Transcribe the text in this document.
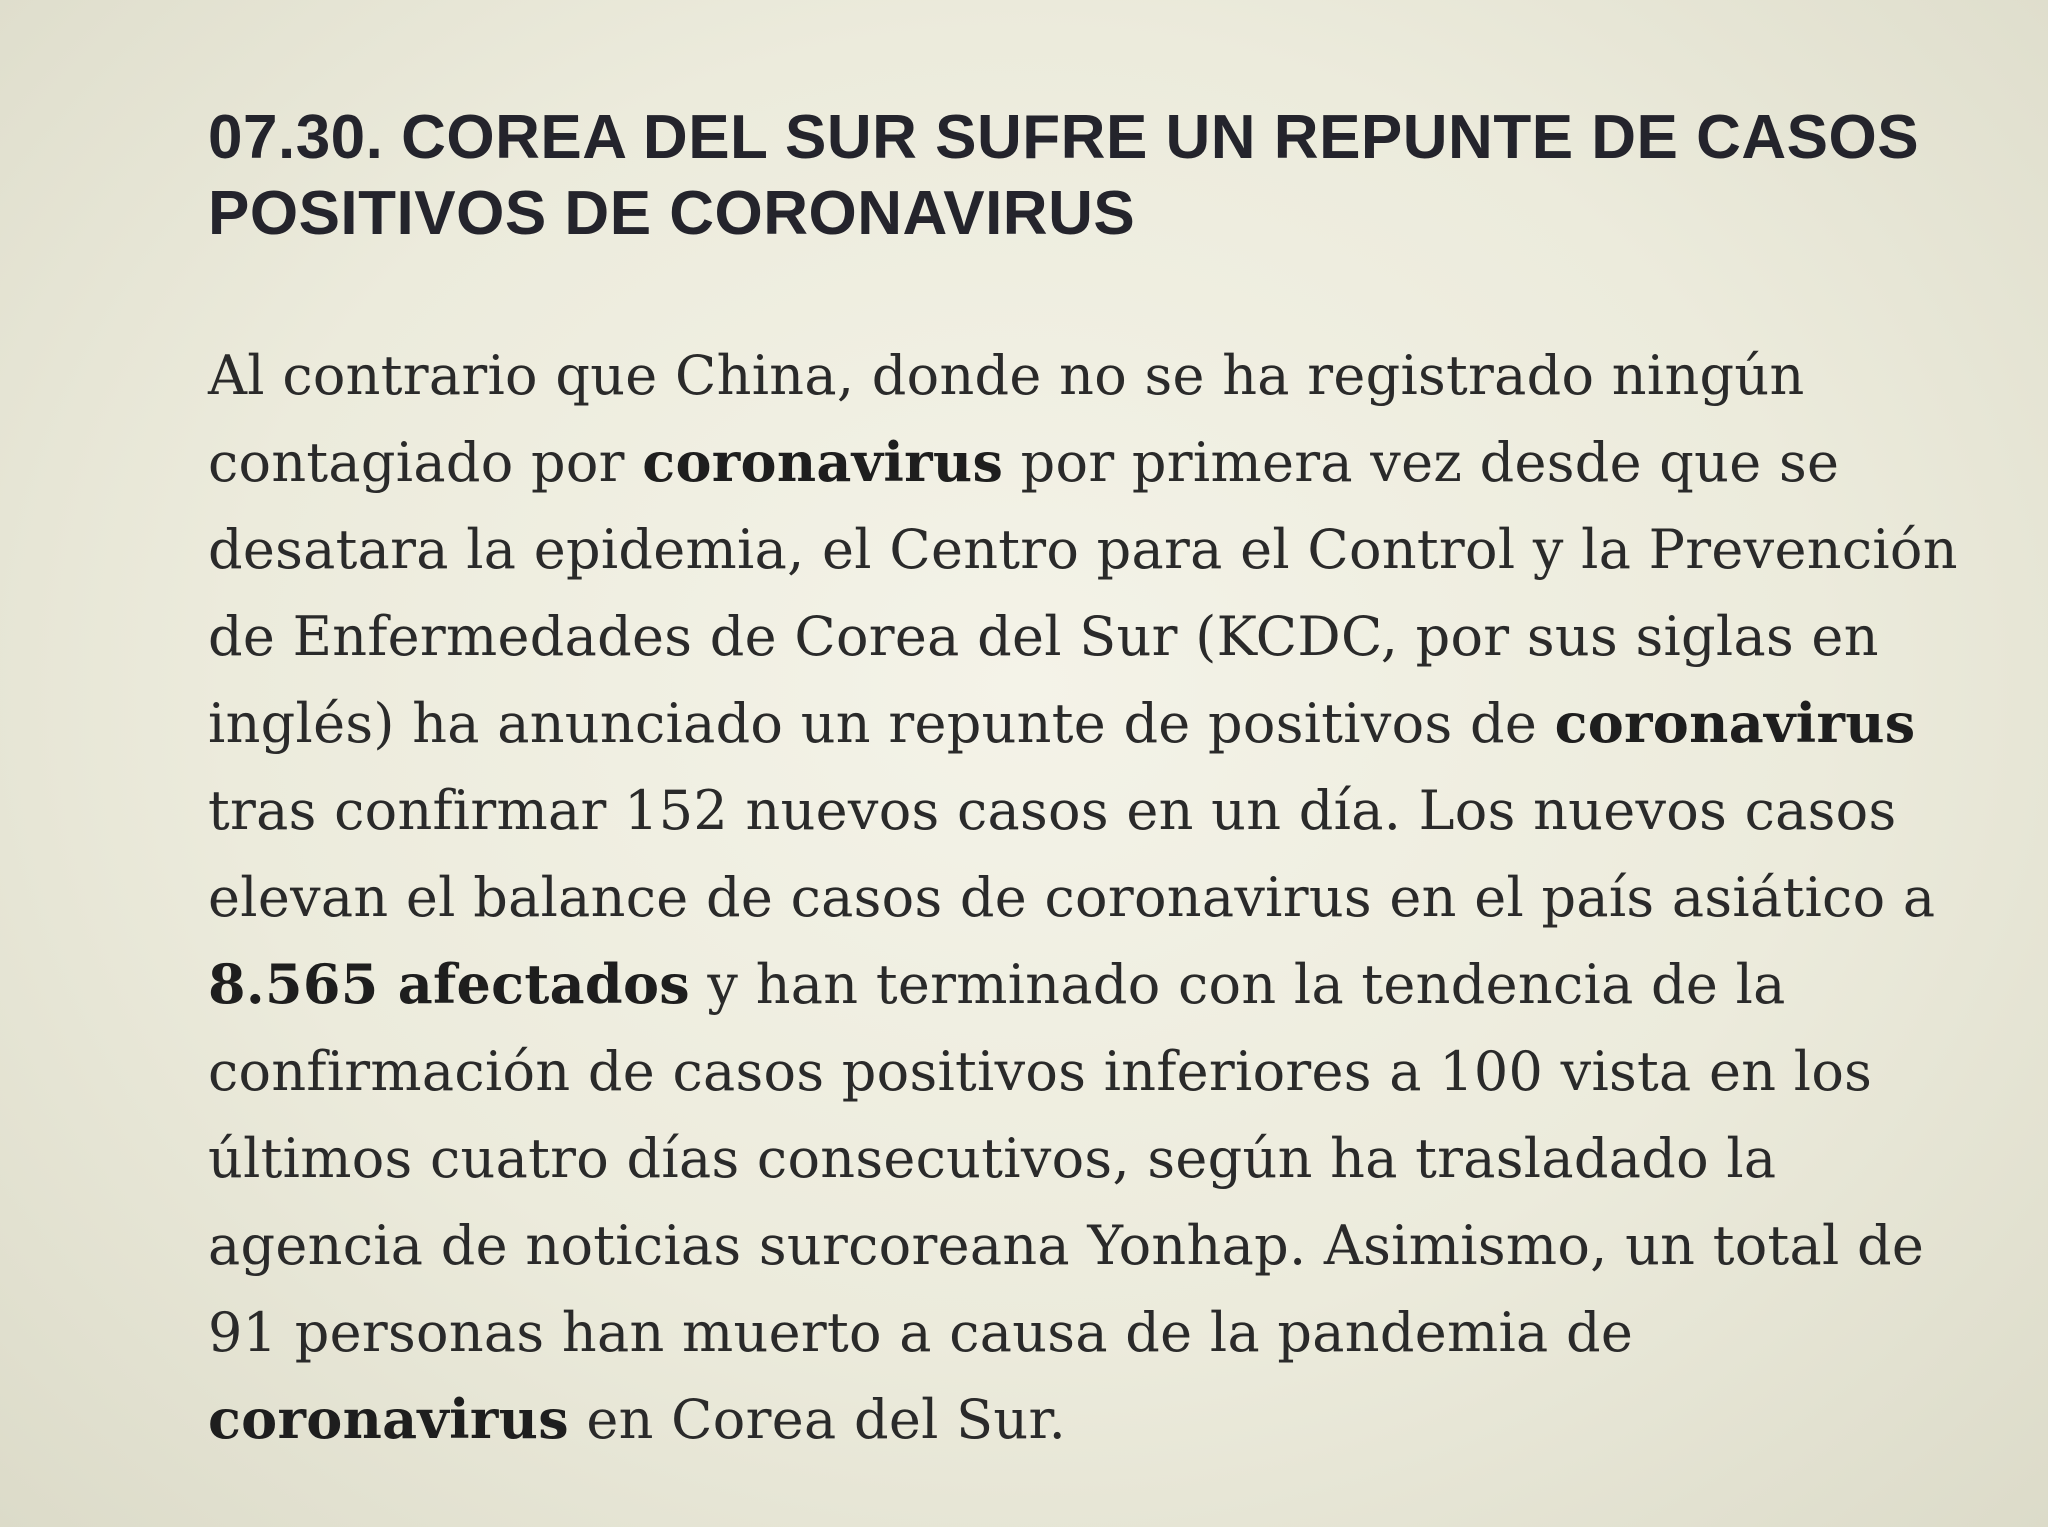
07.30. COREA DEL SUR SUFRE UN REPUNTE DE CASOS
POSITIVOS DE CORONAVIRUS
Al contrario que China, donde no se ha registrado ningún
contagiado por coronavirus por primera vez desde que se
desatara la epidemia, el Centro para el Control y la Prevención
de Enfermedades de Corea del Sur (KCDC, por sus siglas en
inglés) ha anunciado un repunte de positivos de coronavirus
tras confirmar 152 nuevos casos en un día. Los nuevos casos
elevan el balance de casos de coronavirus en el país asiático a
8.565 afectados y han terminado con la tendencia de la
confirmación de casos positivos inferiores a 100 vista en los
últimos cuatro días consecutivos, según ha trasladado la
agencia de noticias surcoreana Yonhap. Asimismo, un total de
91 personas han muerto a causa de la pandemia de
coronavirus en Corea del Sur.
